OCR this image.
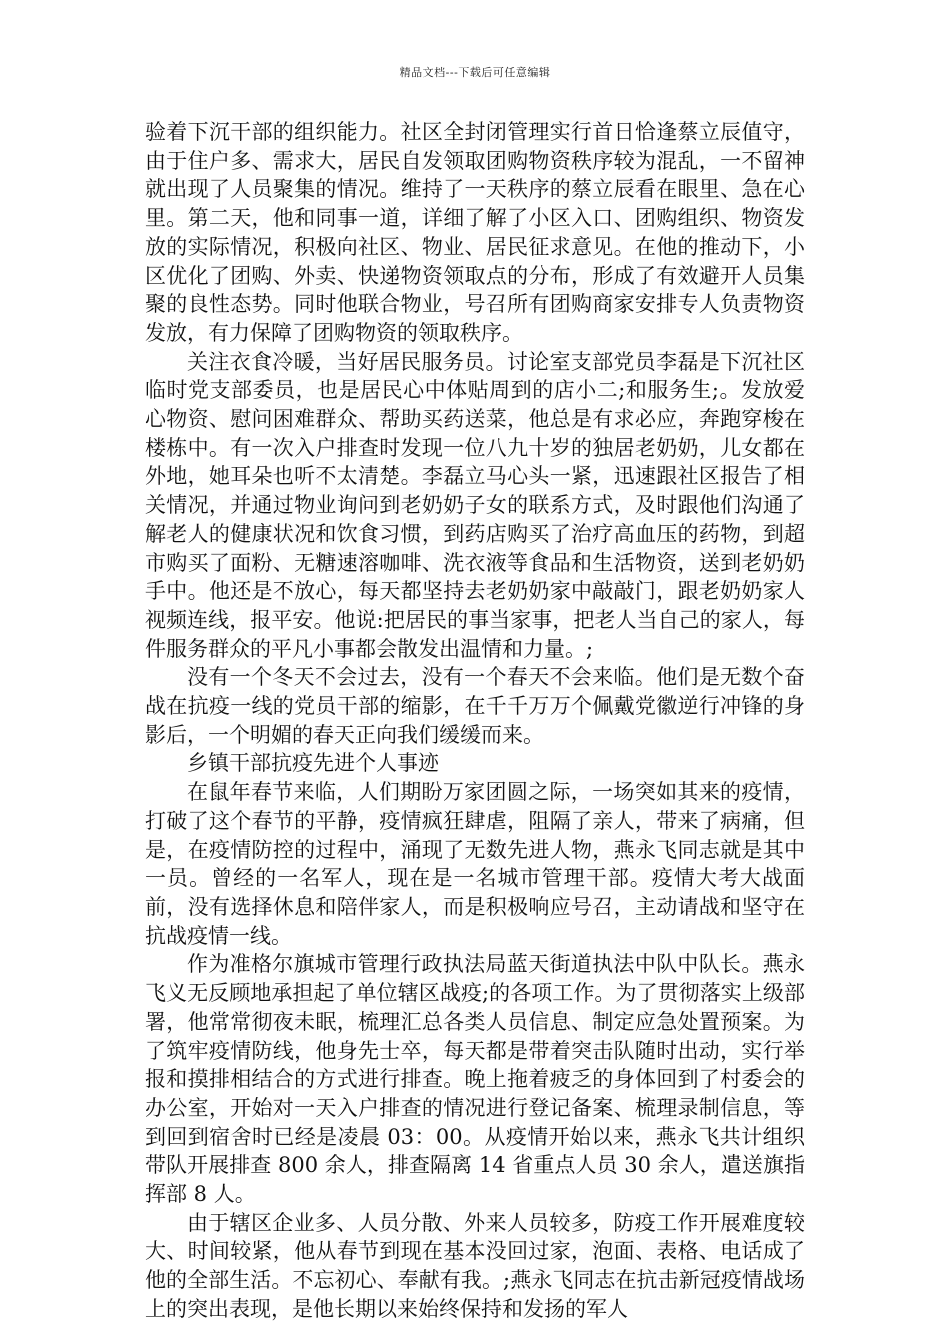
精品文档---下载后可任意编辑

验着下沉干部的组织能力。社区全封闭管理实行首日恰逢蔡立辰值守，由于住户多、需求大，居民自发领取团购物资秩序较为混乱，一不留神就出现了人员聚集的情况。维持了一天秩序的蔡立辰看在眼里、急在心里。第二天，他和同事一道，详细了解了小区入口、团购组织、物资发放的实际情况，积极向社区、物业、居民征求意见。在他的推动下，小区优化了团购、外卖、快递物资领取点的分布，形成了有效避开人员集聚的良性态势。同时他联合物业，号召所有团购商家安排专人负责物资发放，有力保障了团购物资的领取秩序。

关注衣食冷暖，当好居民服务员。讨论室支部党员李磊是下沉社区临时党支部委员，也是居民心中体贴周到的店小二;和服务生;。发放爱心物资、慰问困难群众、帮助买药送菜，他总是有求必应，奔跑穿梭在楼栋中。有一次入户排查时发现一位八九十岁的独居老奶奶，儿女都在外地，她耳朵也听不太清楚。李磊立马心头一紧，迅速跟社区报告了相关情况，并通过物业询问到老奶奶子女的联系方式，及时跟他们沟通了解老人的健康状况和饮食习惯，到药店购买了治疗高血压的药物，到超市购买了面粉、无糖速溶咖啡、洗衣液等食品和生活物资，送到老奶奶手中。他还是不放心，每天都坚持去老奶奶家中敲敲门，跟老奶奶家人视频连线，报平安。他说:把居民的事当家事，把老人当自己的家人，每件服务群众的平凡小事都会散发出温情和力量。;

没有一个冬天不会过去，没有一个春天不会来临。他们是无数个奋战在抗疫一线的党员干部的缩影，在千千万万个佩戴党徽逆行冲锋的身影后，一个明媚的春天正向我们缓缓而来。

乡镇干部抗疫先进个人事迹

在鼠年春节来临，人们期盼万家团圆之际，一场突如其来的疫情，打破了这个春节的平静，疫情疯狂肆虐，阻隔了亲人，带来了病痛，但是，在疫情防控的过程中，涌现了无数先进人物，燕永飞同志就是其中一员。曾经的一名军人，现在是一名城市管理干部。疫情大考大战面前，没有选择休息和陪伴家人，而是积极响应号召，主动请战和坚守在抗战疫情一线。

作为准格尔旗城市管理行政执法局蓝天街道执法中队中队长。燕永飞义无反顾地承担起了单位辖区战疫;的各项工作。为了贯彻落实上级部署，他常常彻夜未眠，梳理汇总各类人员信息、制定应急处置预案。为了筑牢疫情防线，他身先士卒，每天都是带着突击队随时出动，实行举报和摸排相结合的方式进行排查。晚上拖着疲乏的身体回到了村委会的办公室，开始对一天入户排查的情况进行登记备案、梳理录制信息，等到回到宿舍时已经是凌晨 03：00。从疫情开始以来，燕永飞共计组织带队开展排查 800 余人，排查隔离 14 省重点人员 30 余人，遣送旗指挥部 8 人。

由于辖区企业多、人员分散、外来人员较多，防疫工作开展难度较大、时间较紧，他从春节到现在基本没回过家，泡面、表格、电话成了他的全部生活。不忘初心、奉献有我。;燕永飞同志在抗击新冠疫情战场上的突出表现，是他长期以来始终保持和发扬的军人
